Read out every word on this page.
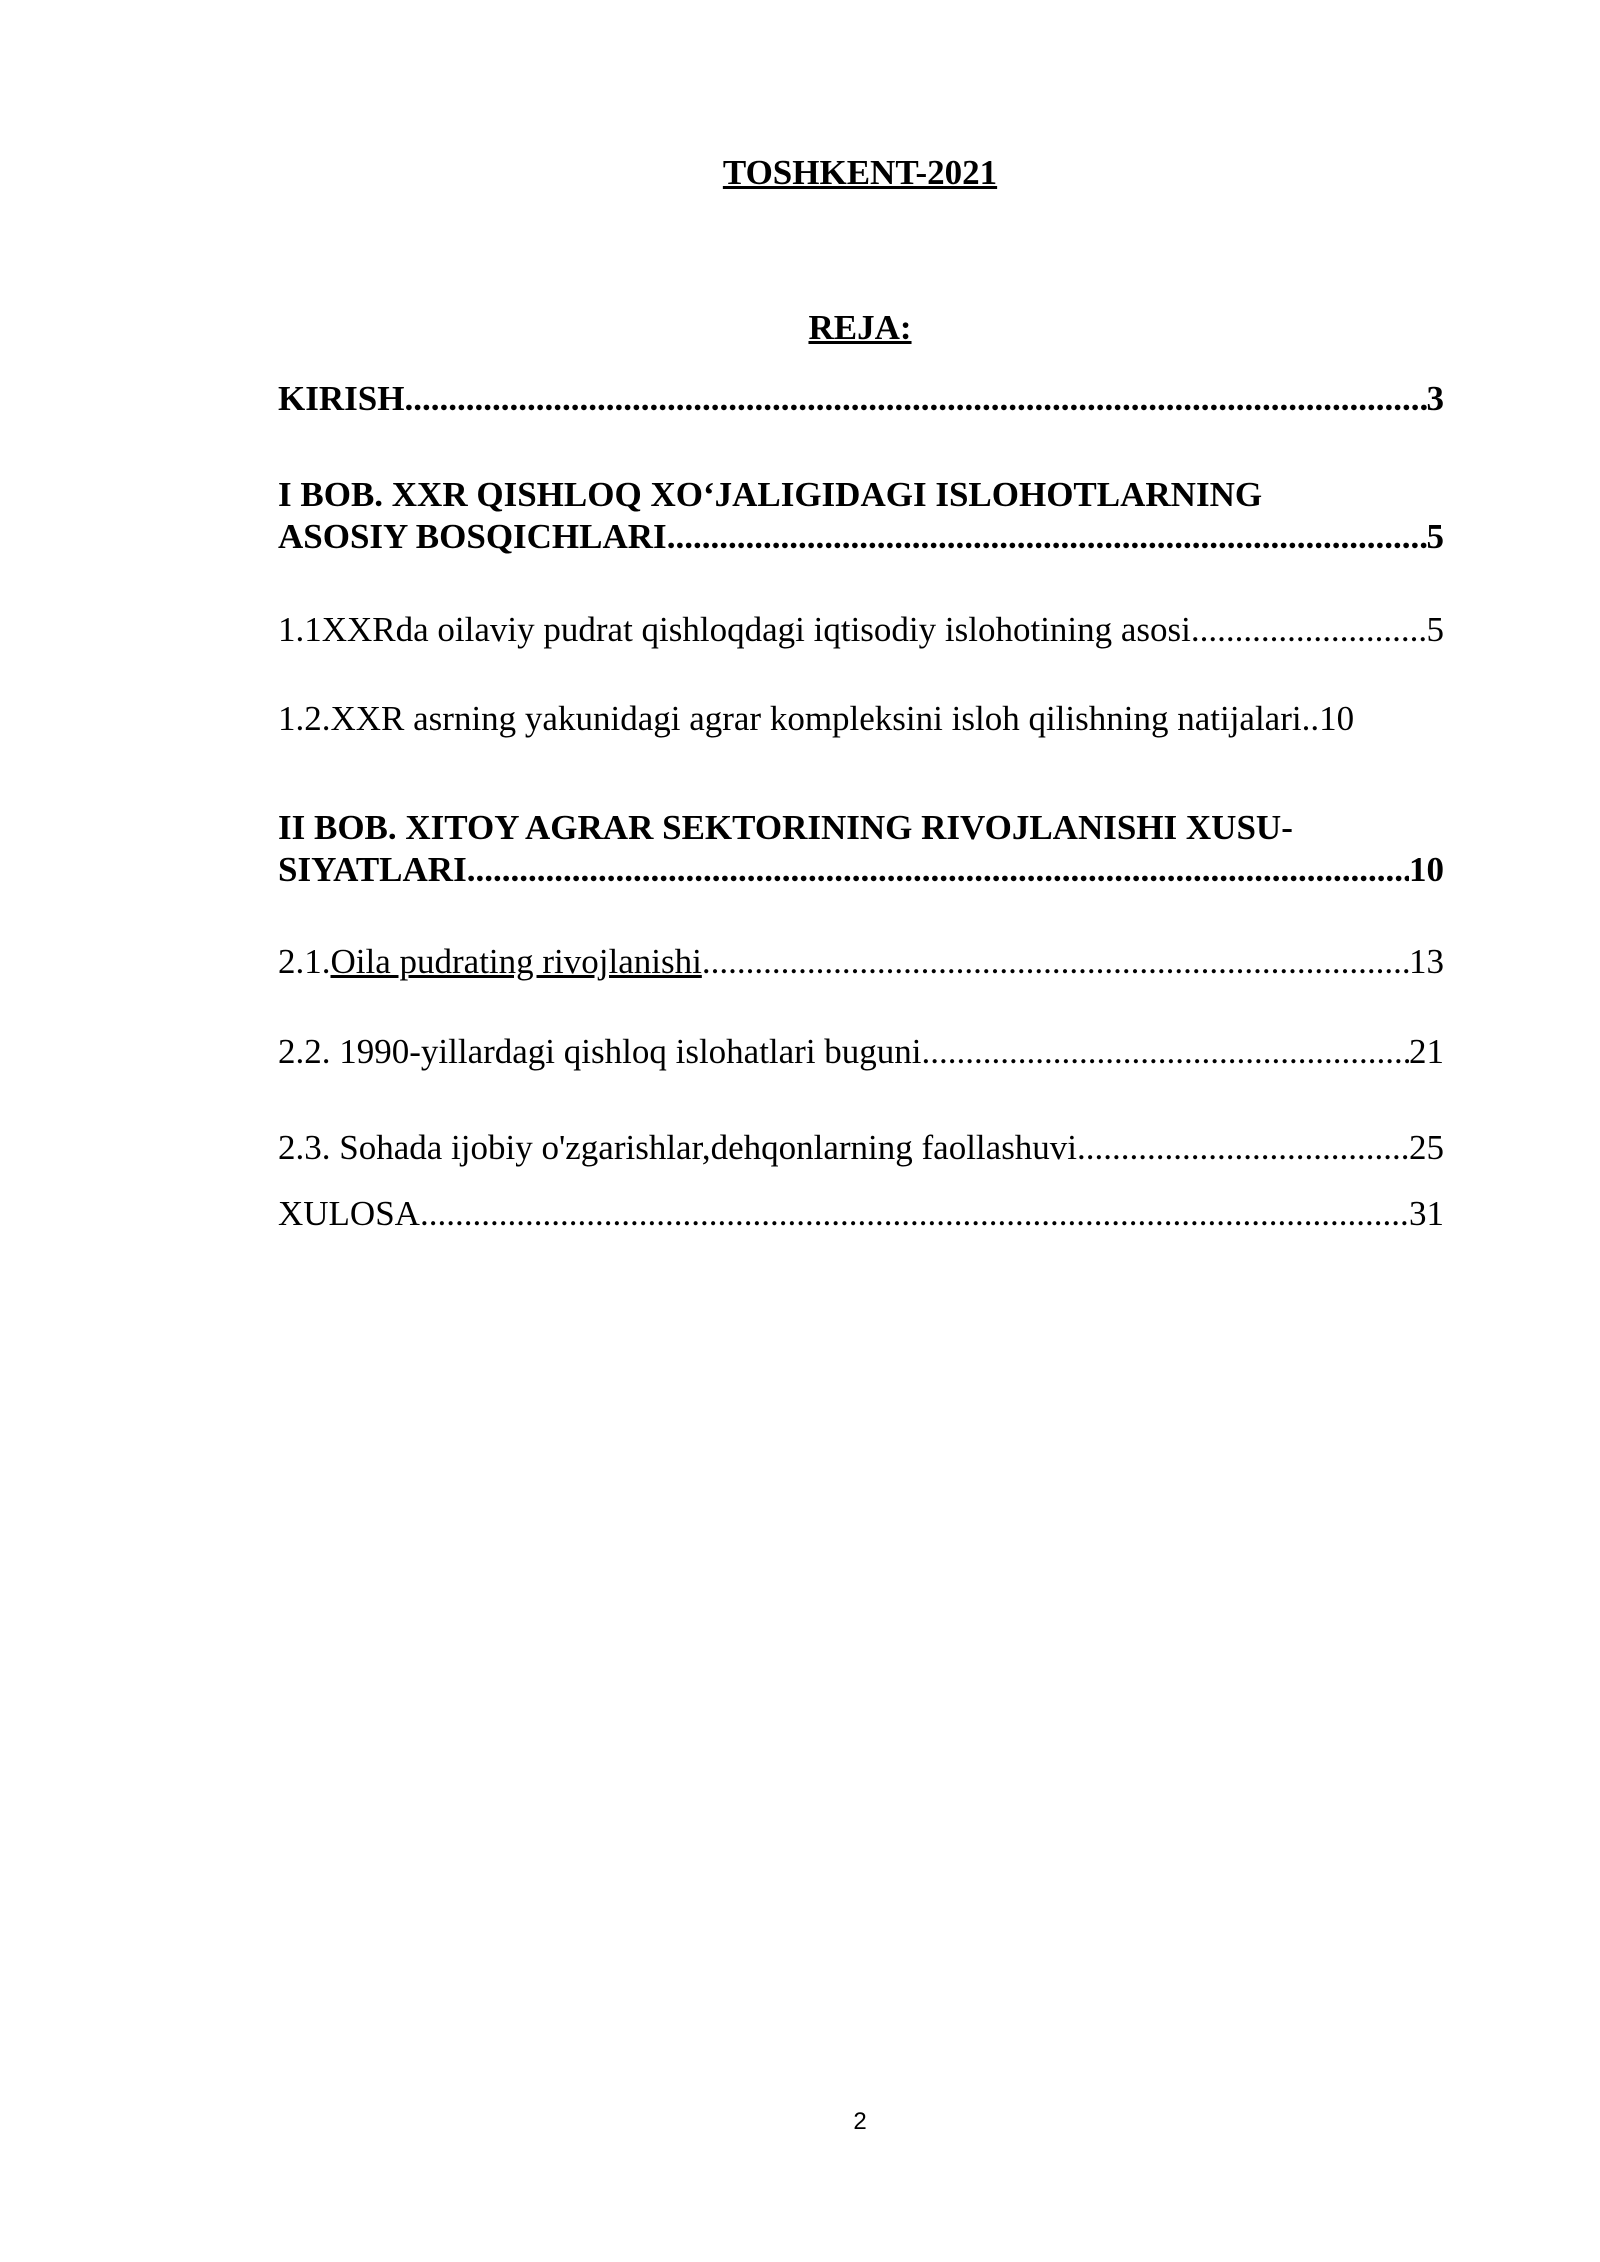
TOSHKENT-2021
REJA:
KIRISH .....	3
I BOB. XXR QISHLOQ XO‘JALIGIDAGI ISLOHOTLARNING
ASOSIY BOSQICHLARI .....	5
1.1XXRda oilaviy pudrat qishloqdagi iqtisodiy islohotining asosi .....	5
1.2.XXR asrning yakunidagi agrar kompleksini isloh qilishning natijalari ..10
II BOB. XITOY AGRAR SEKTORINING RIVOJLANISHI XUSU-
SIYATLARI .....	10
2.1. Oila pudrating rivojlanishi .....	13
2.2. 1990-yillardagi qishloq islohatlari buguni .....	21
2.3. Sohada ijobiy o'zgarishlar,dehqonlarning faollashuvi .....	25
XULOSA .....	31
2
